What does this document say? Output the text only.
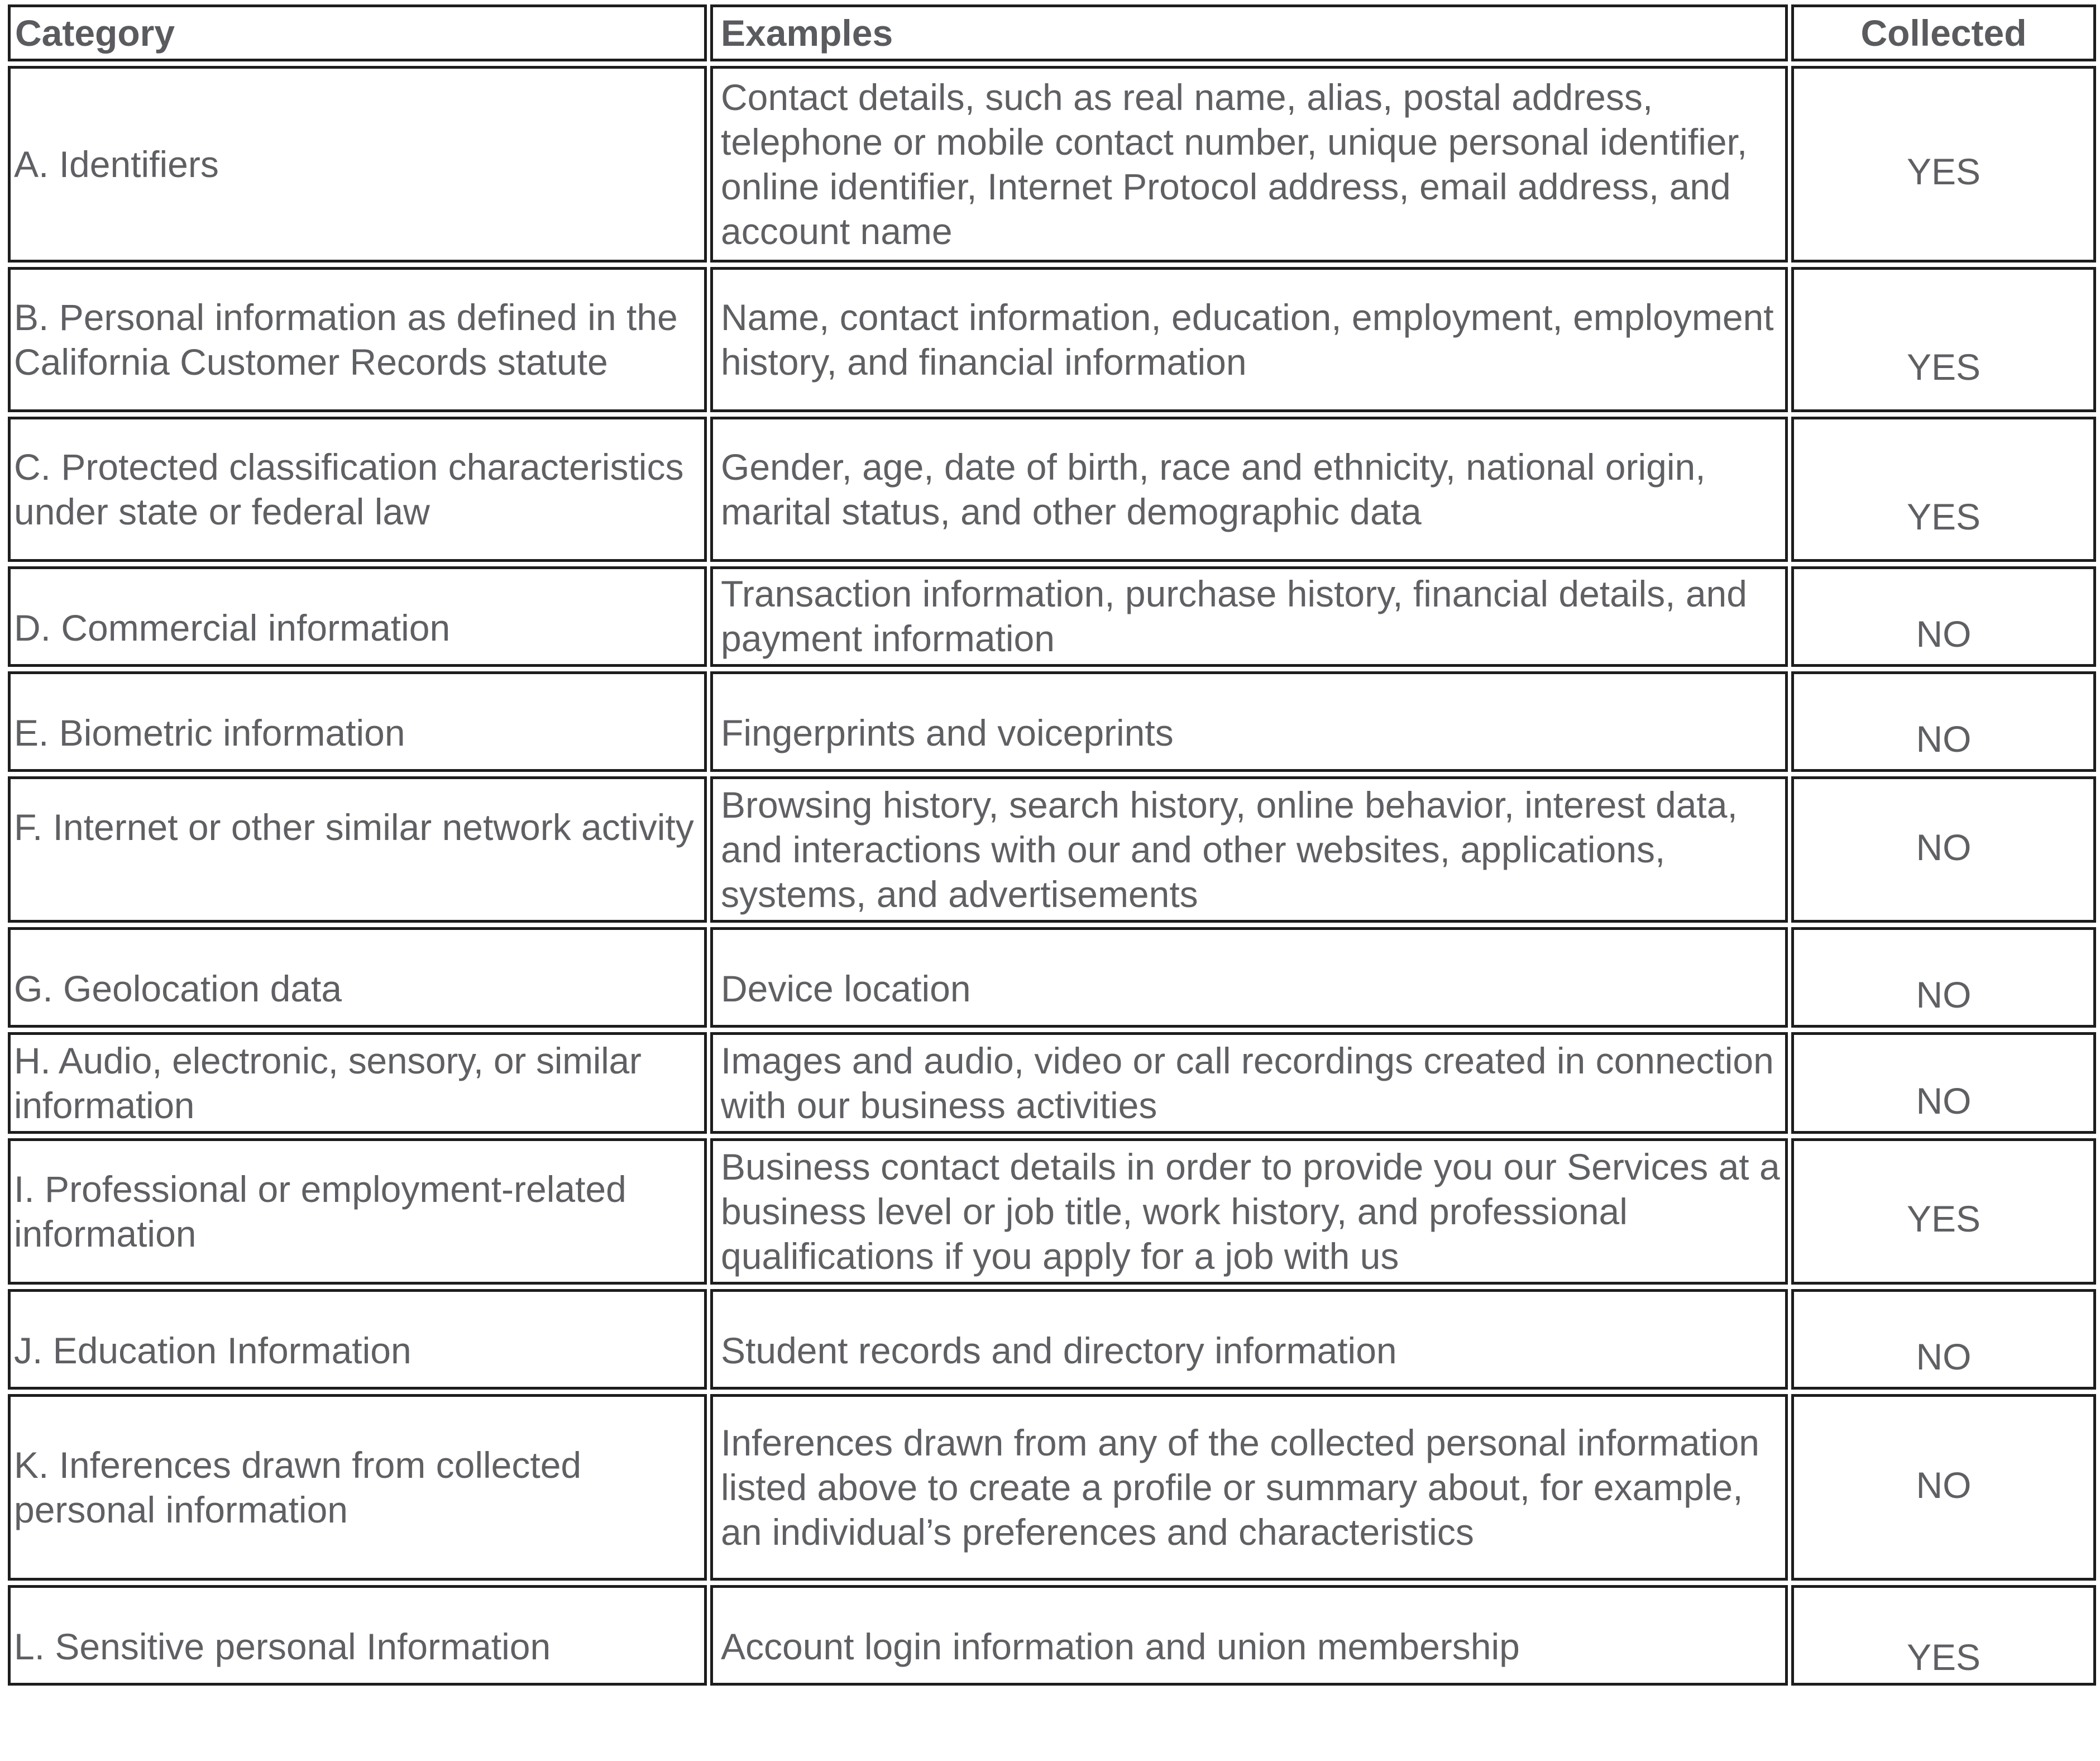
Category	Examples	Collected
A. Identifiers	Contact details, such as real name, alias, postal address, telephone or mobile contact number, unique personal identifier, online identifier, Internet Protocol address, email address, and account name	YES
B. Personal information as defined in the California Customer Records statute	Name, contact information, education, employment, employment history, and financial information	YES
C. Protected classification characteristics under state or federal law	Gender, age, date of birth, race and ethnicity, national origin, marital status, and other demographic data	YES
D. Commercial information	Transaction information, purchase history, financial details, and payment information	NO
E. Biometric information	Fingerprints and voiceprints	NO
F. Internet or other similar network activity	Browsing history, search history, online behavior, interest data, and interactions with our and other websites, applications, systems, and advertisements	NO
G. Geolocation data	Device location	NO
H. Audio, electronic, sensory, or similar information	Images and audio, video or call recordings created in connection with our business activities	NO
I. Professional or employment-related information	Business contact details in order to provide you our Services at a business level or job title, work history, and professional qualifications if you apply for a job with us	YES
J. Education Information	Student records and directory information	NO
K. Inferences drawn from collected personal information	Inferences drawn from any of the collected personal information listed above to create a profile or summary about, for example, an individual’s preferences and characteristics	NO
L. Sensitive personal Information	Account login information and union membership	YES
